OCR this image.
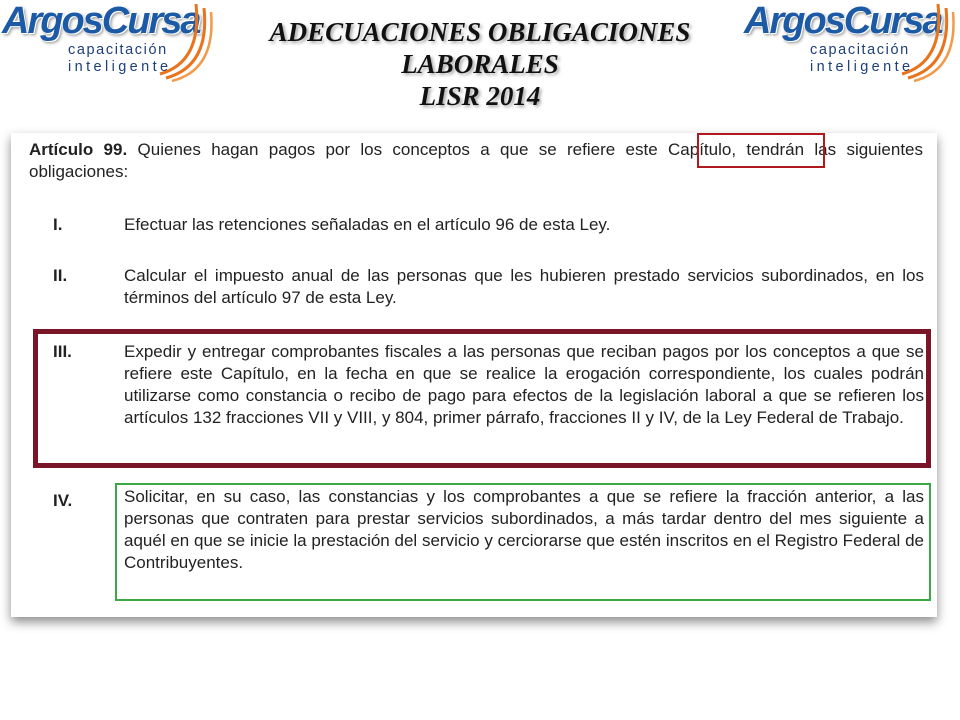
ArgosCursa
capacitación
inteligente
ArgosCursa
capacitación
inteligente
ADECUACIONES OBLIGACIONES
LABORALES
LISR 2014
Artículo 99. Quienes hagan pagos por los conceptos a que se refiere este Capítulo, tendrán las siguientes obligaciones:
I.	Efectuar las retenciones señaladas en el artículo 96 de esta Ley.
II.	Calcular el impuesto anual de las personas que les hubieren prestado servicios subordinados, en los términos del artículo 97 de esta Ley.
III.	Expedir y entregar comprobantes fiscales a las personas que reciban pagos por los conceptos a que se refiere este Capítulo, en la fecha en que se realice la erogación correspondiente, los cuales podrán utilizarse como constancia o recibo de pago para efectos de la legislación laboral a que se refieren los artículos 132 fracciones VII y VIII, y 804, primer párrafo, fracciones II y IV, de la Ley Federal de Trabajo.
IV.	Solicitar, en su caso, las constancias y los comprobantes a que se refiere la fracción anterior, a las personas que contraten para prestar servicios subordinados, a más tardar dentro del mes siguiente a aquél en que se inicie la prestación del servicio y cerciorarse que estén inscritos en el Registro Federal de Contribuyentes.
